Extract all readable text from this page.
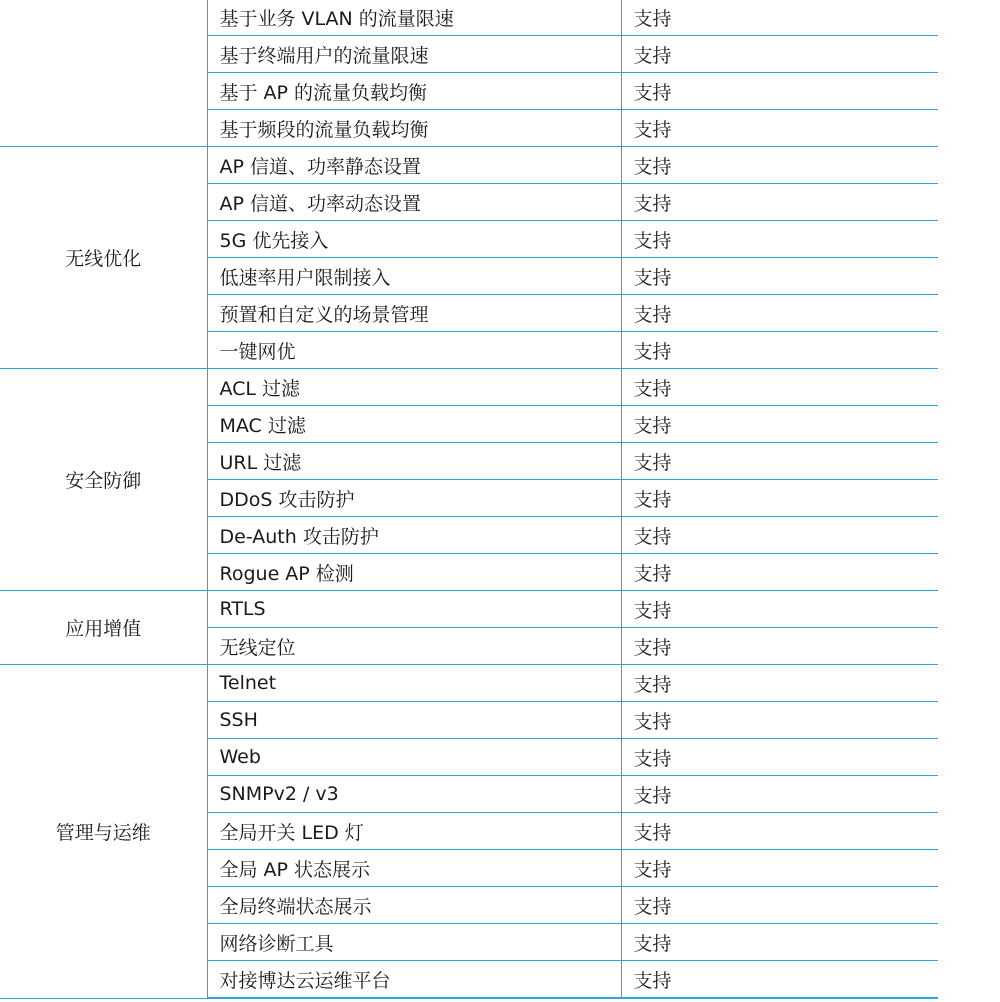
	基于业务 VLAN 的流量限速	支持
	基于终端用户的流量限速	支持
	基于 AP 的流量负载均衡	支持
	基于频段的流量负载均衡	支持
无线优化	AP 信道、功率静态设置	支持
	AP 信道、功率动态设置	支持
	5G 优先接入	支持
	低速率用户限制接入	支持
	预置和自定义的场景管理	支持
	一键网优	支持
安全防御	ACL 过滤	支持
	MAC 过滤	支持
	URL 过滤	支持
	DDoS 攻击防护	支持
	De-Auth 攻击防护	支持
	Rogue AP 检测	支持
应用增值	RTLS	支持
	无线定位	支持
管理与运维	Telnet	支持
	SSH	支持
	Web	支持
	SNMPv2 / v3	支持
	全局开关 LED 灯	支持
	全局 AP 状态展示	支持
	全局终端状态展示	支持
	网络诊断工具	支持
	对接博达云运维平台	支持
